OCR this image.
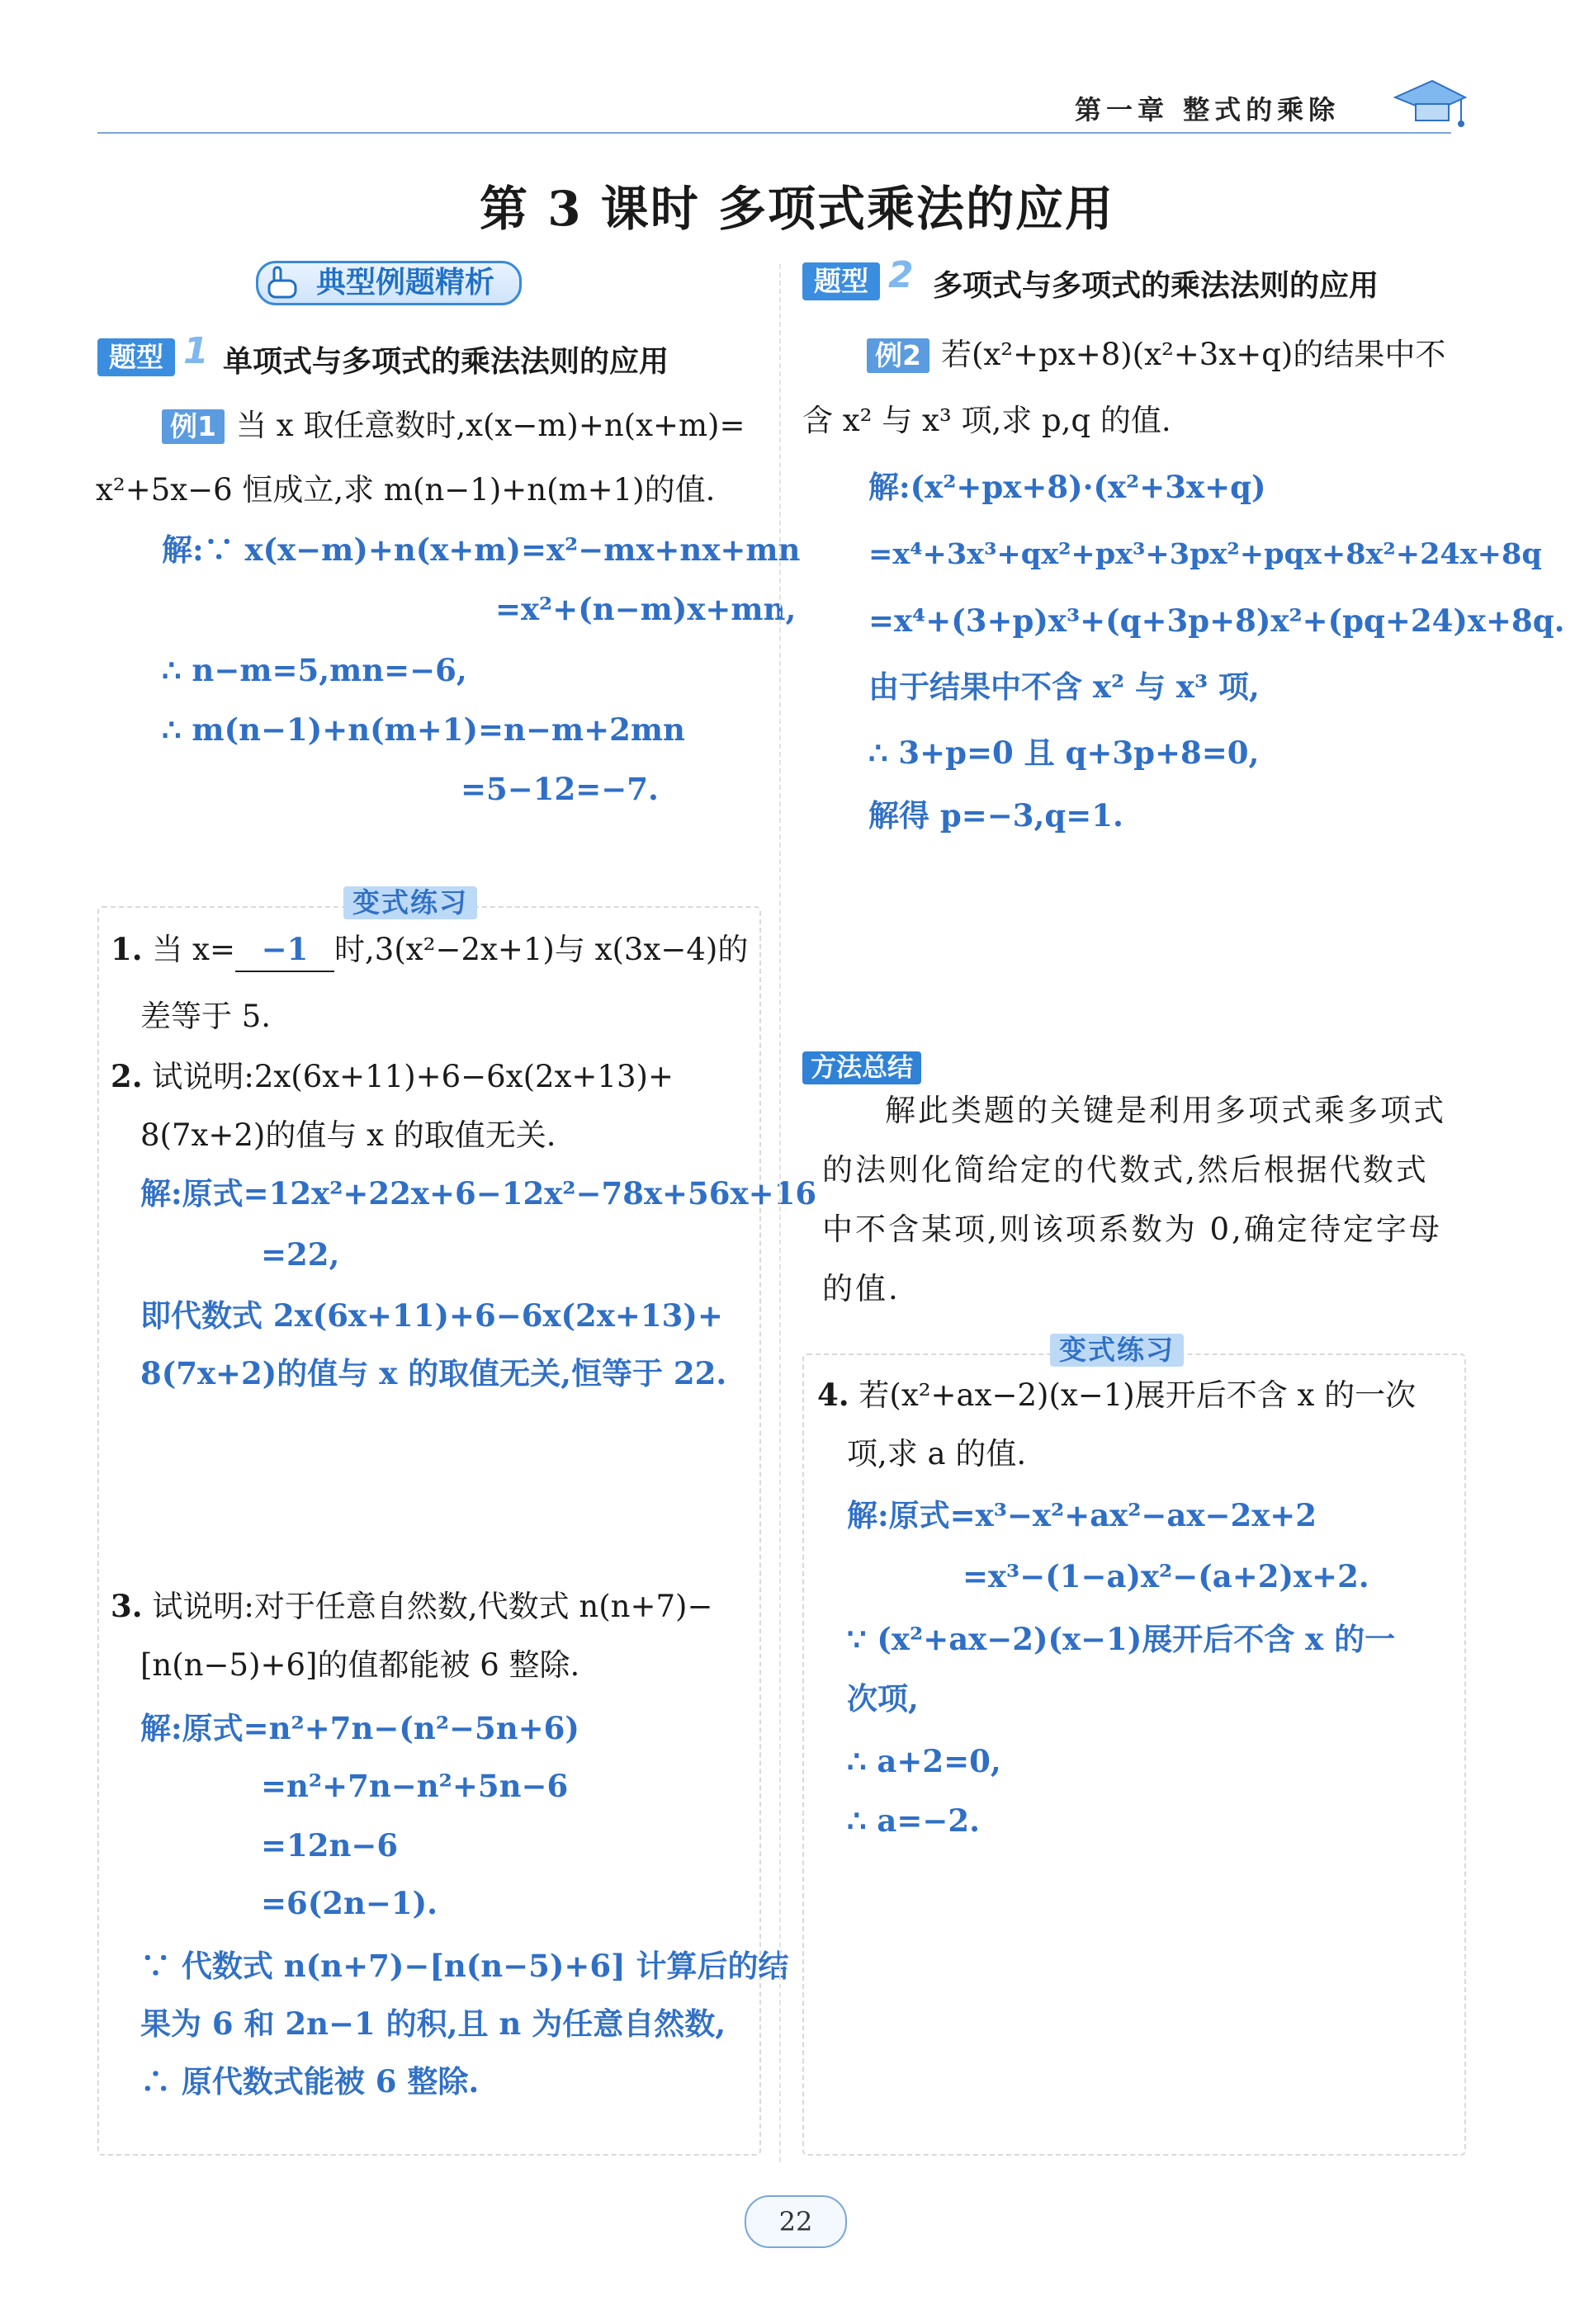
第一章 整式的乘除
第 3 课时 多项式乘法的应用
典型例题精析
题型 1 单项式与多项式的乘法法则的应用
例1 当 x 取任意数时,x(x−m)+n(x+m)=
x²+5x−6 恒成立,求 m(n−1)+n(m+1)的值.
解:∵ x(x−m)+n(x+m)=x²−mx+nx+mn
=x²+(n−m)x+mn,
∴ n−m=5,mn=−6,
∴ m(n−1)+n(m+1)=n−m+2mn
=5−12=−7.
变式练习
1. 当 x= −1 时,3(x²−2x+1)与 x(3x−4)的
差等于 5.
2. 试说明:2x(6x+11)+6−6x(2x+13)+
8(7x+2)的值与 x 的取值无关.
解:原式=12x²+22x+6−12x²−78x+56x+16
=22,
即代数式 2x(6x+11)+6−6x(2x+13)+
8(7x+2)的值与 x 的取值无关,恒等于 22.
3. 试说明:对于任意自然数,代数式 n(n+7)−
[n(n−5)+6]的值都能被 6 整除.
解:原式=n²+7n−(n²−5n+6)
=n²+7n−n²+5n−6
=12n−6
=6(2n−1).
∵ 代数式 n(n+7)−[n(n−5)+6] 计算后的结
果为 6 和 2n−1 的积,且 n 为任意自然数,
∴ 原代数式能被 6 整除.
题型 2 多项式与多项式的乘法法则的应用
例2 若(x²+px+8)(x²+3x+q)的结果中不
含 x² 与 x³ 项,求 p,q 的值.
解:(x²+px+8)·(x²+3x+q)
=x⁴+3x³+qx²+px³+3px²+pqx+8x²+24x+8q
=x⁴+(3+p)x³+(q+3p+8)x²+(pq+24)x+8q.
由于结果中不含 x² 与 x³ 项,
∴ 3+p=0 且 q+3p+8=0,
解得 p=−3,q=1.
方法总结
解此类题的关键是利用多项式乘多项式
的法则化简给定的代数式,然后根据代数式
中不含某项,则该项系数为 0,确定待定字母
的值.
变式练习
4. 若(x²+ax−2)(x−1)展开后不含 x 的一次
项,求 a 的值.
解:原式=x³−x²+ax²−ax−2x+2
=x³−(1−a)x²−(a+2)x+2.
∵ (x²+ax−2)(x−1)展开后不含 x 的一
次项,
∴ a+2=0,
∴ a=−2.
22
